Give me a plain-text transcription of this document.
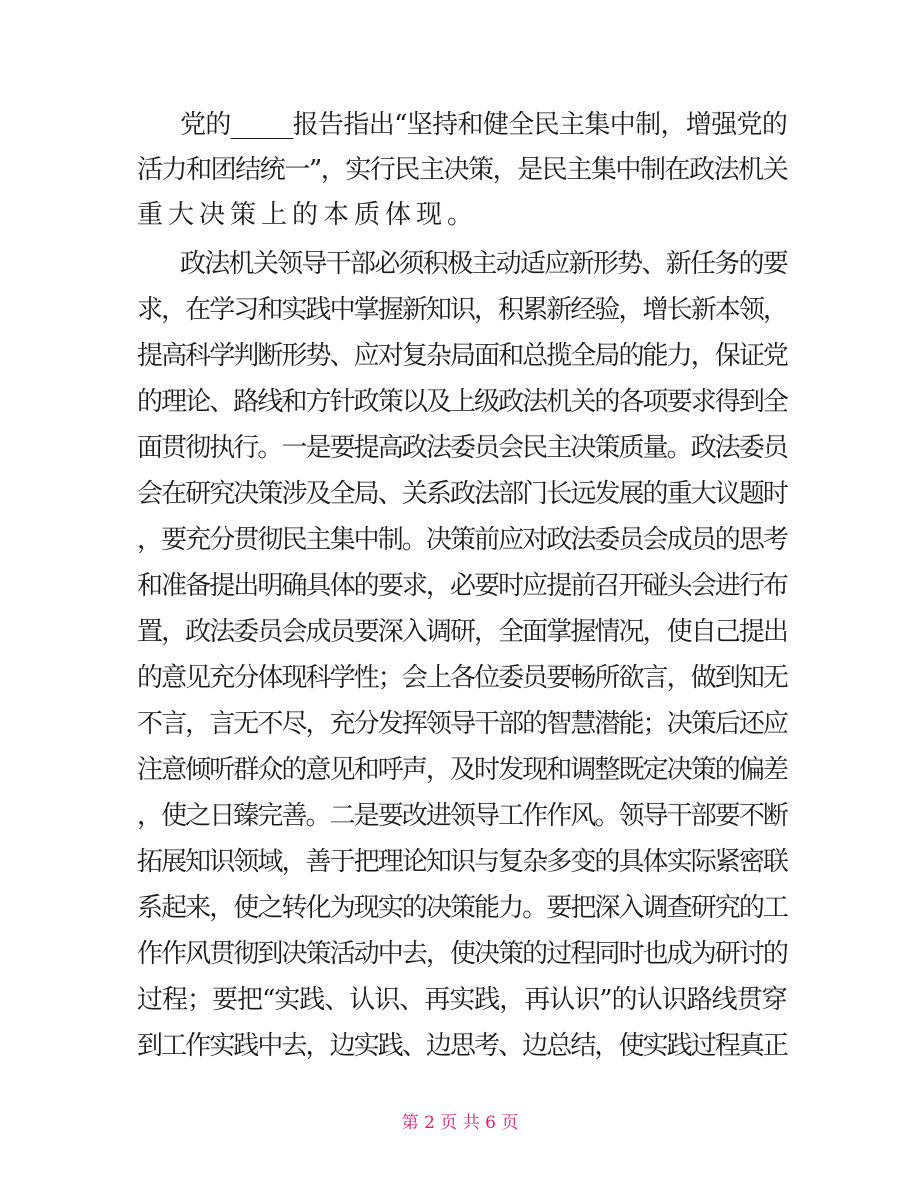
党的_____报告指出“坚持和健全民主集中制，增强党的
活力和团结统一”，实行民主决策，是民主集中制在政法机关
重大决策上的本质体现。
政法机关领导干部必须积极主动适应新形势、新任务的要
求，在学习和实践中掌握新知识，积累新经验，增长新本领，
提高科学判断形势、应对复杂局面和总揽全局的能力，保证党
的理论、路线和方针政策以及上级政法机关的各项要求得到全
面贯彻执行。一是要提高政法委员会民主决策质量。政法委员
会在研究决策涉及全局、关系政法部门长远发展的重大议题时
，要充分贯彻民主集中制。决策前应对政法委员会成员的思考
和准备提出明确具体的要求，必要时应提前召开碰头会进行布
置，政法委员会成员要深入调研，全面掌握情况，使自己提出
的意见充分体现科学性；会上各位委员要畅所欲言，做到知无
不言，言无不尽，充分发挥领导干部的智慧潜能；决策后还应
注意倾听群众的意见和呼声，及时发现和调整既定决策的偏差
，使之日臻完善。二是要改进领导工作作风。领导干部要不断
拓展知识领域，善于把理论知识与复杂多变的具体实际紧密联
系起来，使之转化为现实的决策能力。要把深入调查研究的工
作作风贯彻到决策活动中去，使决策的过程同时也成为研讨的
过程；要把“实践、认识、再实践，再认识”的认识路线贯穿
到工作实践中去，边实践、边思考、边总结，使实践过程真正
第 2 页 共 6 页
